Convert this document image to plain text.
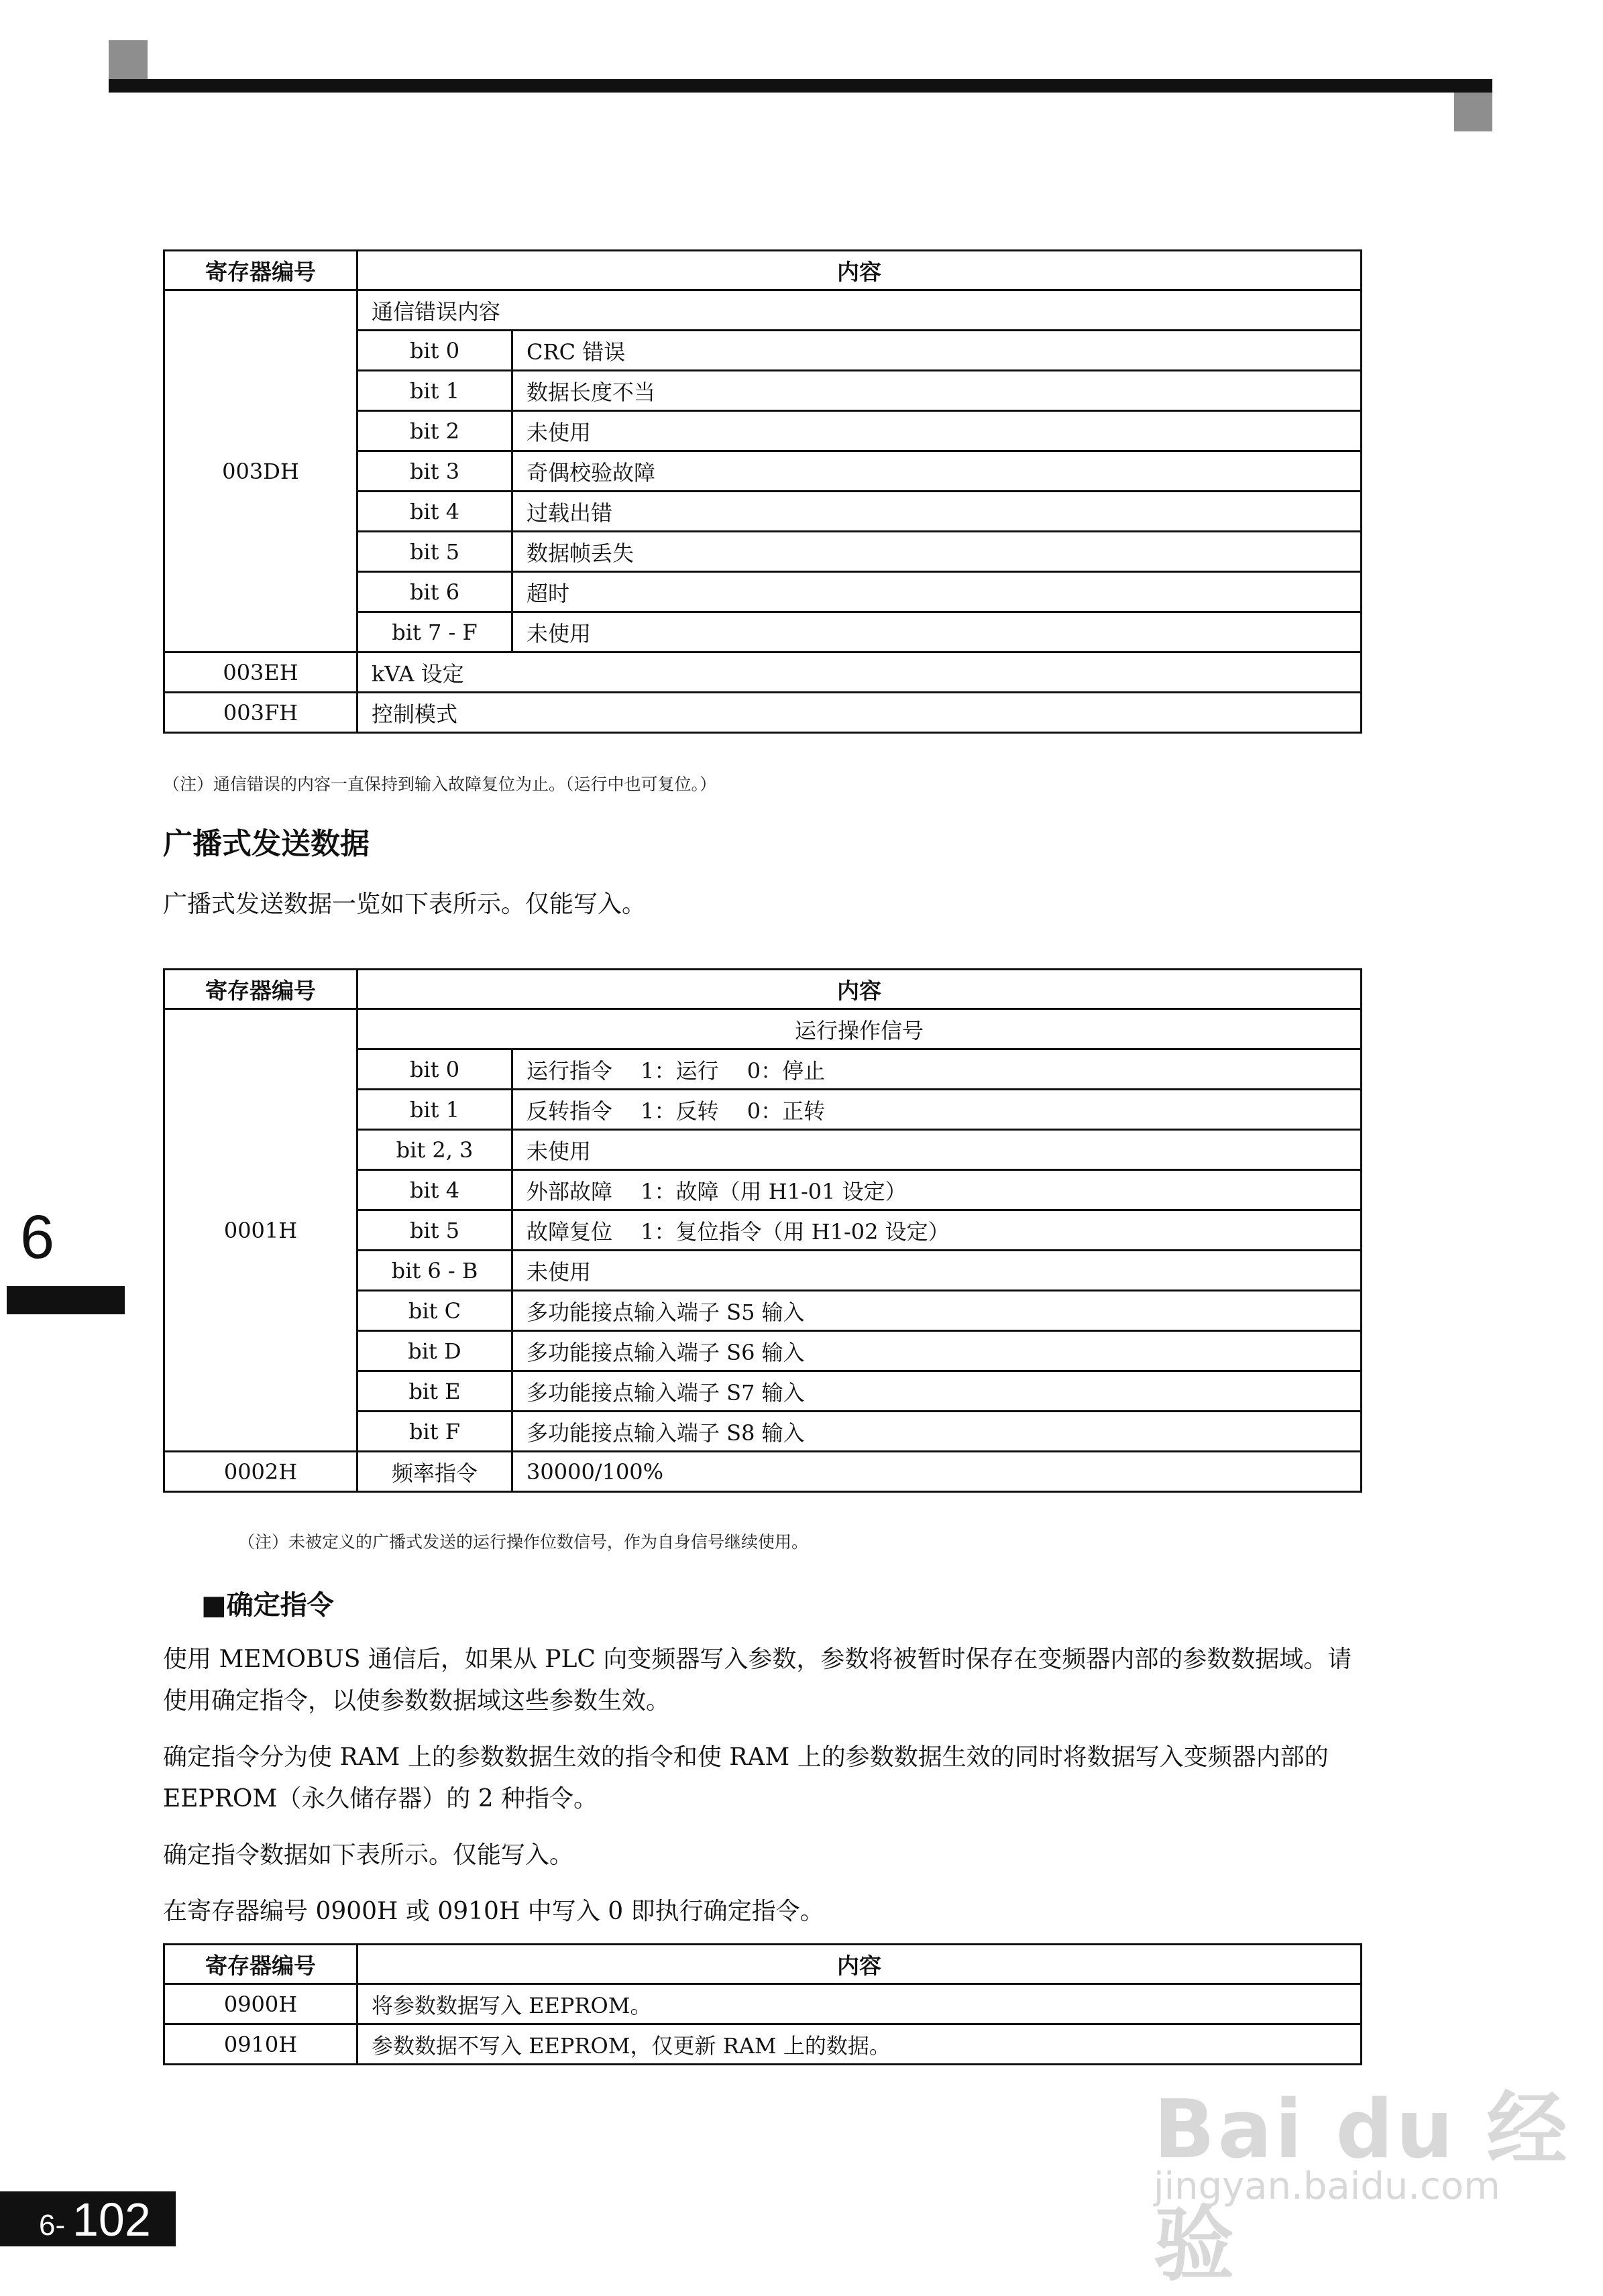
寄存器编号	内容	
003DH	通信错误内容	
	bit 0	CRC 错误
	bit 1	数据长度不当
	bit 2	未使用
	bit 3	奇偶校验故障
	bit 4	过载出错
	bit 5	数据帧丢失
	bit 6	超时
	bit 7 - F	未使用
003EH	kVA 设定	
003FH	控制模式	
（注）通信错误的内容一直保持到输入故障复位为止。（运行中也可复位。）
广播式发送数据
广播式发送数据一览如下表所示。仅能写入。
寄存器编号	内容	
0001H	运行操作信号	
	bit 0	运行指令　 1：运行　 0：停止
	bit 1	反转指令　 1：反转　 0：正转
	bit 2, 3	未使用
	bit 4	外部故障　 1：故障（用 H1-01 设定）
	bit 5	故障复位　 1：复位指令（用 H1-02 设定）
	bit 6 - B	未使用
	bit C	多功能接点输入端子 S5 输入
	bit D	多功能接点输入端子 S6 输入
	bit E	多功能接点输入端子 S7 输入
	bit F	多功能接点输入端子 S8 输入
0002H	频率指令	30000/100%
（注）未被定义的广播式发送的运行操作位数信号，作为自身信号继续使用。
■确定指令
使用 MEMOBUS 通信后，如果从 PLC 向变频器写入参数，参数将被暂时保存在变频器内部的参数数据域。请
使用确定指令，以使参数数据域这些参数生效。
确定指令分为使 RAM 上的参数数据生效的指令和使 RAM 上的参数数据生效的同时将数据写入变频器内部的
EEPROM（永久储存器）的 2 种指令。
确定指令数据如下表所示。仅能写入。
在寄存器编号 0900H 或 0910H 中写入 0 即执行确定指令。
寄存器编号	内容
0900H	将参数数据写入 EEPROM。
0910H	参数数据不写入 EEPROM，仅更新 RAM 上的数据。
6
6- 102
Bai du 经验
jingyan.baidu.com
